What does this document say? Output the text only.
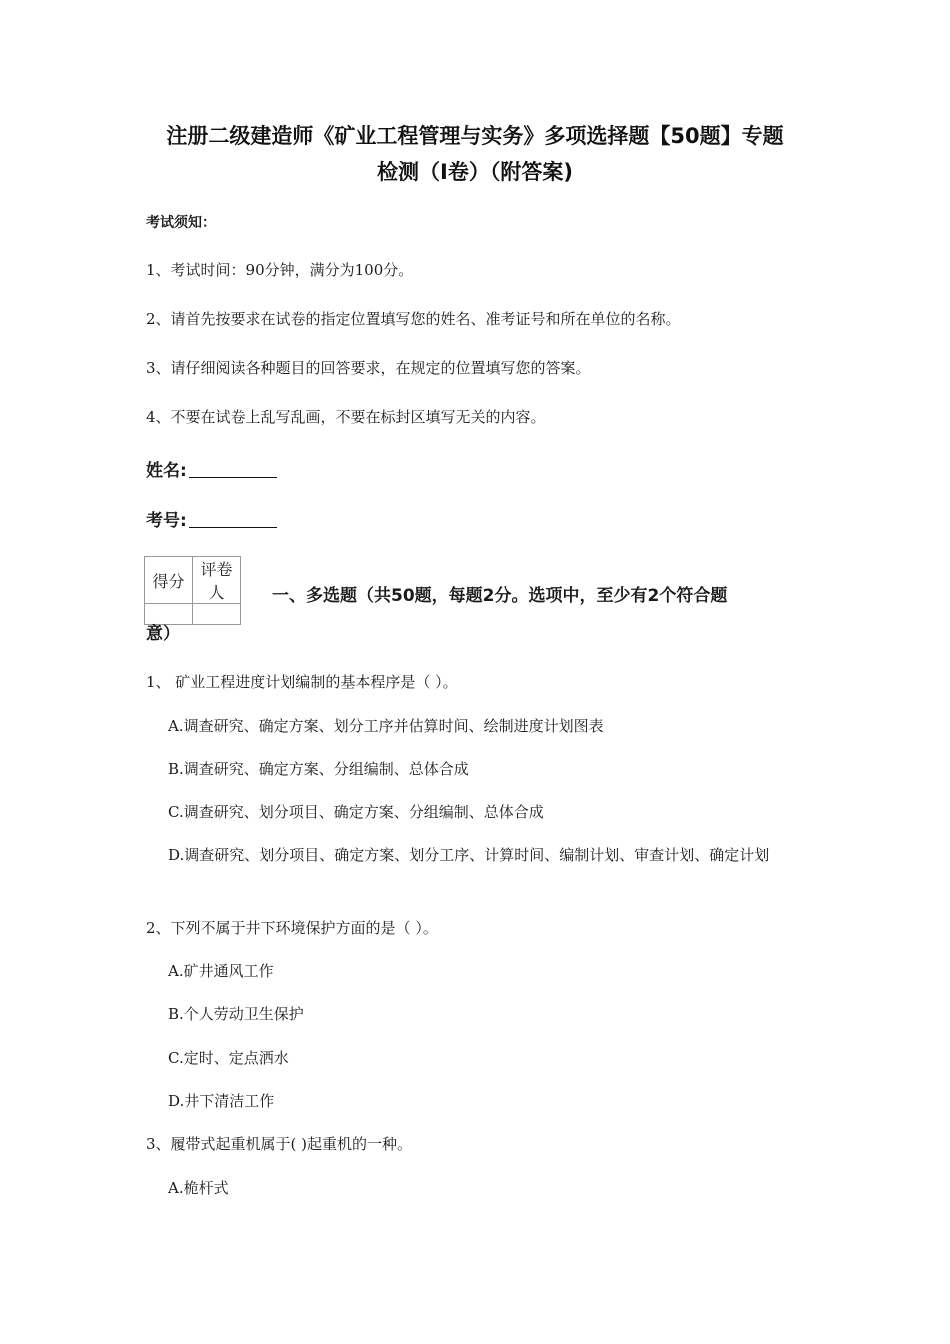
注册二级建造师《矿业工程管理与实务》多项选择题【50题】专题
检测（I卷）（附答案)
考试须知：
1、考试时间：90分钟，满分为100分。
2、请首先按要求在试卷的指定位置填写您的姓名、准考证号和所在单位的名称。
3、请仔细阅读各种题目的回答要求，在规定的位置填写您的答案。
4、不要在试卷上乱写乱画，不要在标封区填写无关的内容。
姓名:
考号:
得分	评卷人
		一、多选题（共50题，每题2分。选项中，至少有2个符合题
意）
1、 矿业工程进度计划编制的基本程序是（ ）。
A.调查研究、确定方案、划分工序并估算时间、绘制进度计划图表
B.调查研究、确定方案、分组编制、总体合成
C.调查研究、划分项目、确定方案、分组编制、总体合成
D.调查研究、划分项目、确定方案、划分工序、计算时间、编制计划、审查计划、确定计划
2、下列不属于井下环境保护方面的是（ ）。
A.矿井通风工作
B.个人劳动卫生保护
C.定时、定点洒水
D.井下清洁工作
3、履带式起重机属于( )起重机的一种。
A.桅杆式
